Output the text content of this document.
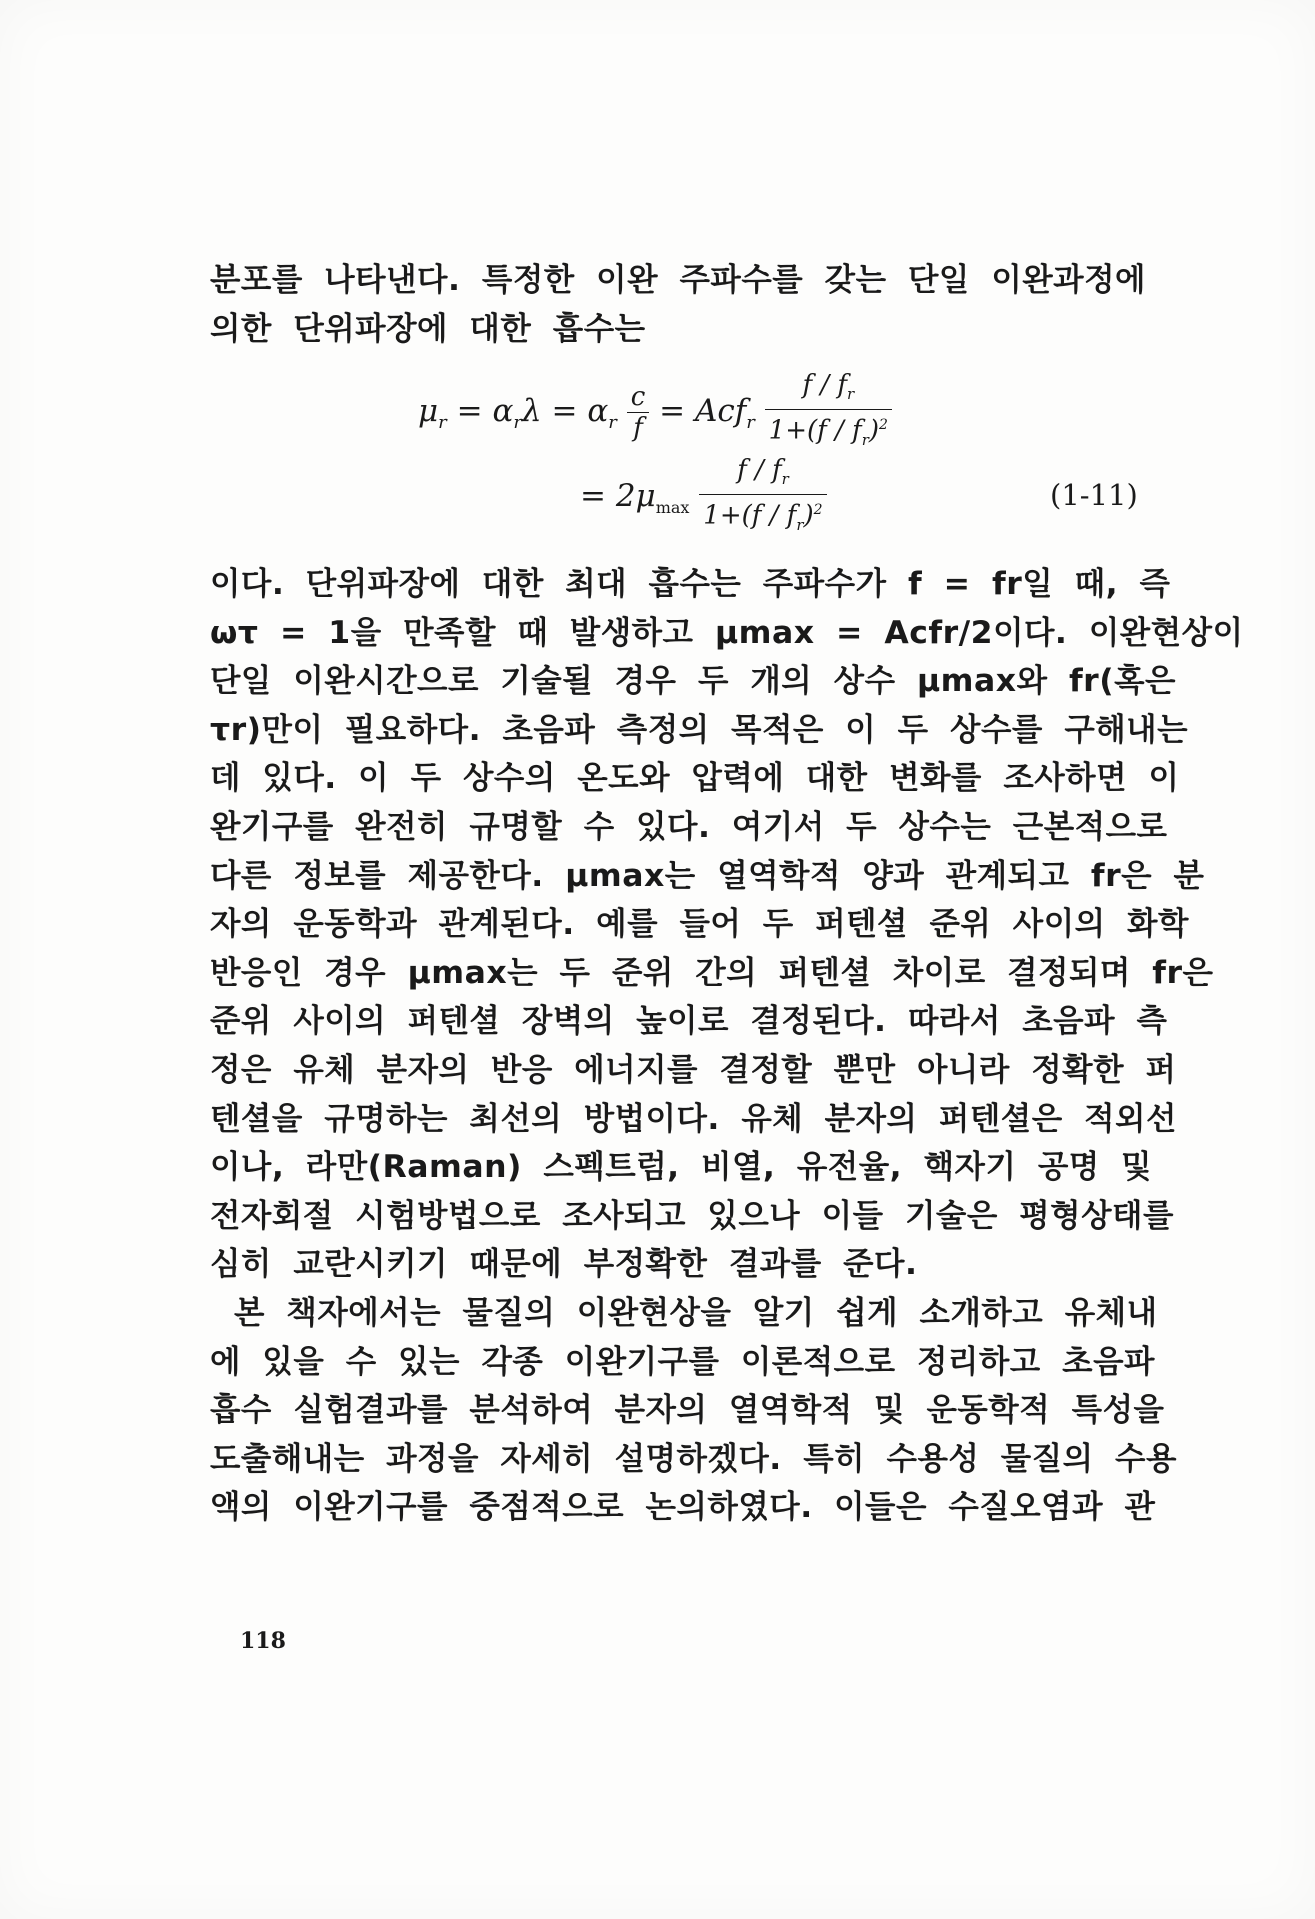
분포를 나타낸다. 특정한 이완 주파수를 갖는 단일 이완과정에
의한 단위파장에 대한 흡수는
$\mu_r = \alpha_r\lambda = \alpha_r \frac{c}{f} = Acf_r \frac{f / f_r}{1+(f / f_r)^2}$
= $2\mu_{max} \frac{f / f_r}{1+(f / f_r)^2}$	(1-11)
이다. 단위파장에 대한 최대 흡수는 주파수가 f = fr일 때, 즉
ωτ = 1을 만족할 때 발생하고 μmax = Acfr/2이다. 이완현상이
단일 이완시간으로 기술될 경우 두 개의 상수 μmax와 fr(혹은
τr)만이 필요하다. 초음파 측정의 목적은 이 두 상수를 구해내는
데 있다. 이 두 상수의 온도와 압력에 대한 변화를 조사하면 이
완기구를 완전히 규명할 수 있다. 여기서 두 상수는 근본적으로
다른 정보를 제공한다. μmax는 열역학적 양과 관계되고 fr은 분
자의 운동학과 관계된다. 예를 들어 두 퍼텐셜 준위 사이의 화학
반응인 경우 μmax는 두 준위 간의 퍼텐셜 차이로 결정되며 fr은
준위 사이의 퍼텐셜 장벽의 높이로 결정된다. 따라서 초음파 측
정은 유체 분자의 반응 에너지를 결정할 뿐만 아니라 정확한 퍼
텐셜을 규명하는 최선의 방법이다. 유체 분자의 퍼텐셜은 적외선
이나, 라만(Raman) 스펙트럼, 비열, 유전율, 핵자기 공명 및
전자회절 시험방법으로 조사되고 있으나 이들 기술은 평형상태를
심히 교란시키기 때문에 부정확한 결과를 준다.
본 책자에서는 물질의 이완현상을 알기 쉽게 소개하고 유체내
에 있을 수 있는 각종 이완기구를 이론적으로 정리하고 초음파
흡수 실험결과를 분석하여 분자의 열역학적 및 운동학적 특성을
도출해내는 과정을 자세히 설명하겠다. 특히 수용성 물질의 수용
액의 이완기구를 중점적으로 논의하였다. 이들은 수질오염과 관
118
